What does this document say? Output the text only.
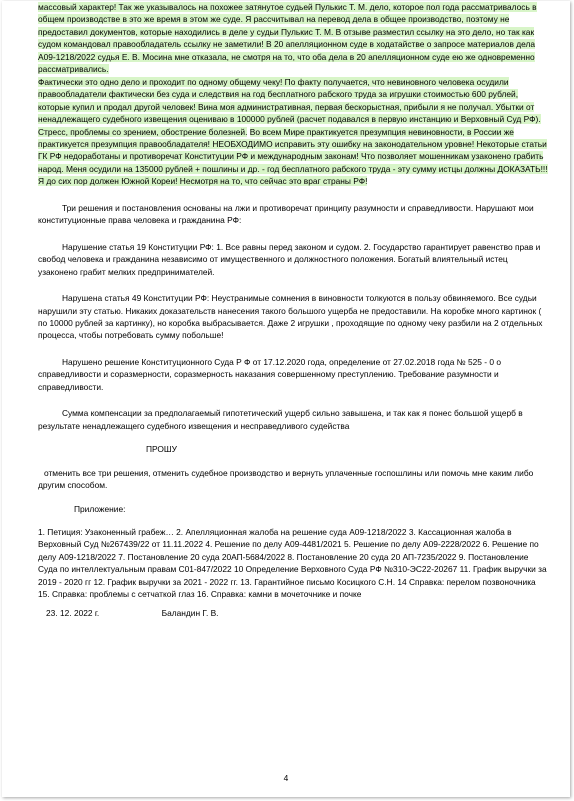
массовый характер! Так же указывалось на похожее затянутое судьей Пулькис Т. М. дело, которое пол года рассматривалось в общем производстве в это же время в этом же суде. Я рассчитывал на перевод дела в общее производство, поэтому не предоставил документов, которые находились в деле у судьи Пулькис Т. М. В отзыве разместил ссылку на это дело, но так как судом командовал правообладатель ссылку не заметили! В 20 апелляционном суде в ходатайстве о запросе материалов дела А09-1218/2022 судья Е. В. Мосина мне отказала, не смотря на то, что оба дела в 20 апелляционном суде ею же одновременно рассматривались.
Фактически это одно дело и проходит по одному общему чеку! По факту получается, что невиновного человека осудили правообладатели фактически без суда и следствия на год бесплатного рабского труда за игрушки стоимостью 600 рублей, которые купил и продал другой человек! Вина моя административная, первая бескорыстная, прибыли я не получал. Убытки от ненадлежащего судебного извещения оцениваю в 100000 рублей (расчет подавался в первую инстанцию и Верховный Суд РФ). Стресс, проблемы со зрением, обострение болезней. Во всем Мире практикуется презумпция невиновности, в России же практикуется презумпция правообладателя! НЕОБХОДИМО исправить эту ошибку на законодательном уровне! Некоторые статьи ГК РФ недоработаны и противоречат Конституции РФ и международным законам! Что позволяет мошенникам узаконено грабить народ. Меня осудили на 135000 рублей + пошлины и др. - год бесплатного рабского труда - эту сумму истцы должны ДОКАЗАТЬ!!! Я до сих пор должен Южной Кореи! Несмотря на то, что сейчас это враг страны РФ!

Три решения и постановления основаны на лжи и противоречат принципу разумности и справедливости. Нарушают мои конституционные права человека и гражданина РФ:

Нарушение статья 19 Конституции РФ: 1. Все равны перед законом и судом. 2. Государство гарантирует равенство прав и свобод человека и гражданина независимо от имущественного и должностного положения. Богатый влиятельный истец узаконено грабит мелких предпринимателей.

Нарушена статья 49 Конституции РФ: Неустранимые сомнения в виновности толкуются в пользу обвиняемого. Все судьи нарушили эту статью. Никаких доказательств нанесения такого большого ущерба не предоставили. На коробке много картинок ( по 10000 рублей за картинку), но коробка выбрасывается. Даже 2 игрушки , проходящие по одному чеку разбили на 2 отдельных процесса, чтобы потребовать сумму побольше!

Нарушено решение Конституционного Суда Р Ф от 17.12.2020 года, определение от 27.02.2018 года № 525 - 0 о справедливости и соразмерности, соразмерность наказания совершенному преступлению. Требование разумности и справедливости.

Сумма компенсации за предполагаемый гипотетический ущерб сильно завышена, и так как я понес большой ущерб в результате ненадлежащего судебного извещения и несправедливого судейства

ПРОШУ

отменить все три решения, отменить судебное производство и вернуть уплаченные госпошлины или помочь мне каким либо другим способом.

Приложение:

1. Петиция: Узаконенный грабеж… 2. Апелляционная жалоба на решение суда А09-1218/2022 3. Кассационная жалоба в Верховный Суд №267439/22 от 11.11.2022 4. Решение по делу А09-4481/2021 5. Решение по делу А09-2228/2022 6. Решение по делу А09-1218/2022 7. Постановление 20 суда 20АП-5684/2022 8. Постановление 20 суда 20 АП-7235/2022 9. Постановление Суда по интеллектуальным правам С01-847/2022 10 Определение Верховного Суда РФ №310-ЭС22-20267 11. График выручки за 2019 - 2020 гг 12. График выручки за 2021 - 2022 гг. 13. Гарантийное письмо Косицкого С.Н. 14 Справка: перелом позвоночника 15. Справка: проблемы с сетчаткой глаз 16. Справка: камни в мочеточнике и почке

23. 12. 2022 г.	Баландин Г. В.

4
